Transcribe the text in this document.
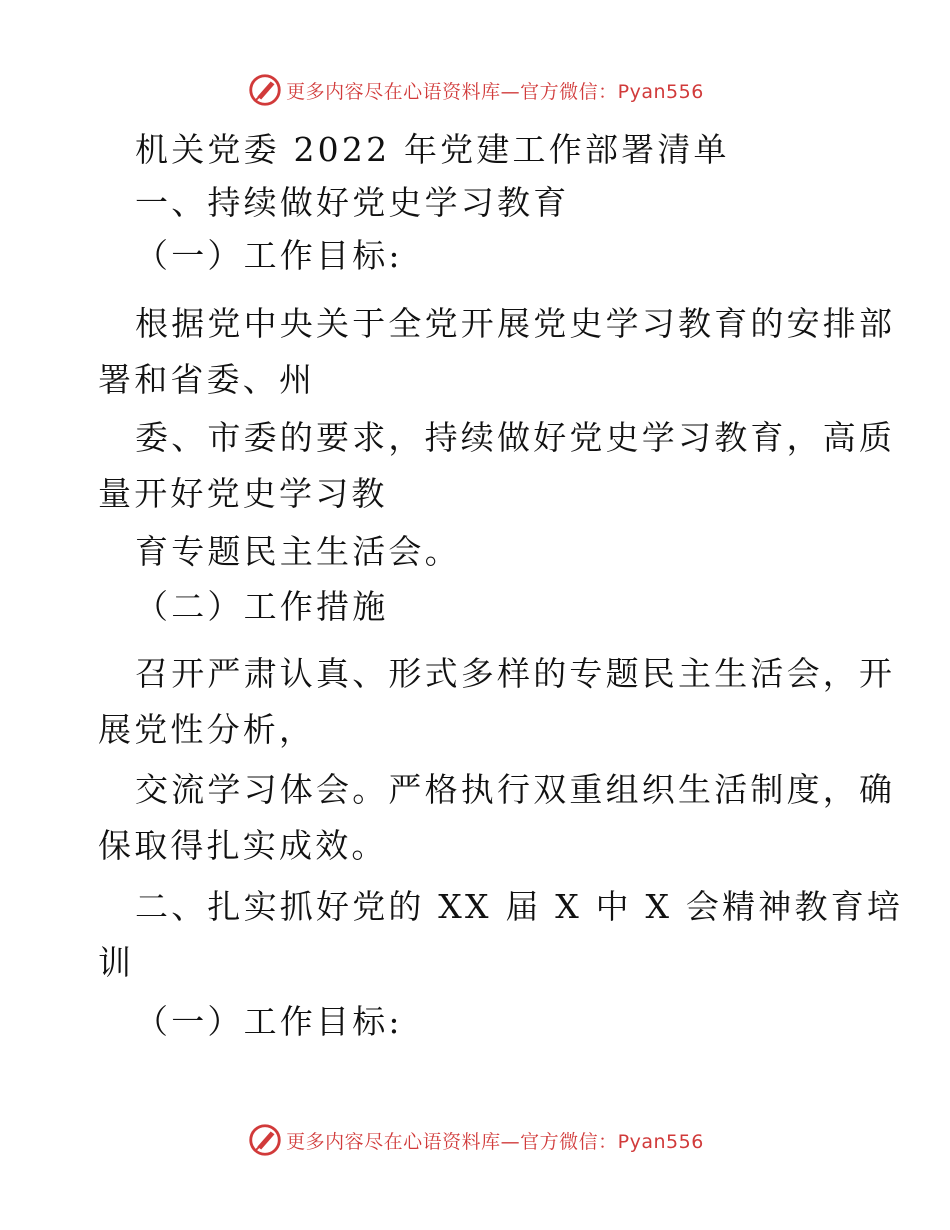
更多内容尽在心语资料库—官方微信：Pyan556
机关党委 2022 年党建工作部署清单
一、持续做好党史学习教育
（一）工作目标:
根据党中央关于全党开展党史学习教育的安排部
署和省委、州
委、市委的要求，持续做好党史学习教育，高质
量开好党史学习教
育专题民主生活会。
（二）工作措施
召开严肃认真、形式多样的专题民主生活会，开
展党性分析，
交流学习体会。严格执行双重组织生活制度，确
保取得扎实成效。
二、扎实抓好党的 XX 届 X 中 X 会精神教育培
训
（一）工作目标:
更多内容尽在心语资料库—官方微信：Pyan556
